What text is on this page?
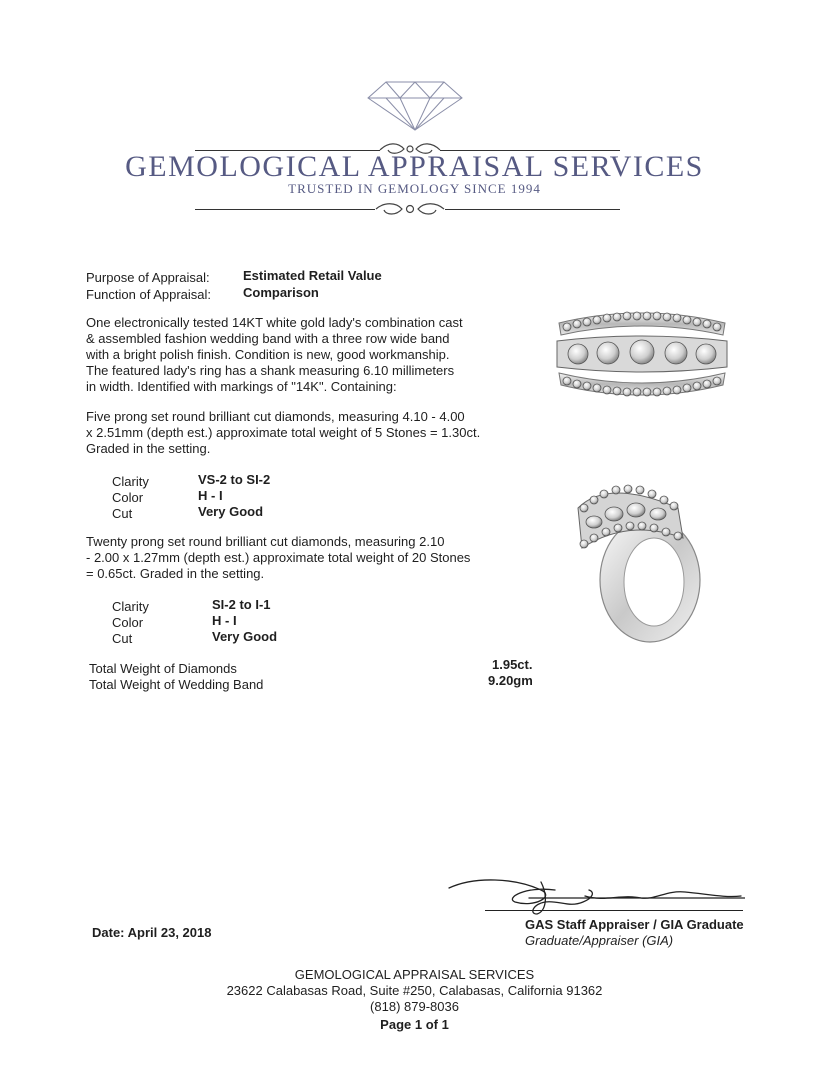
GEMOLOGICAL APPRAISAL SERVICES
TRUSTED IN GEMOLOGY SINCE 1994
Purpose of Appraisal:	Estimated Retail Value
Function of Appraisal: Comparison
One electronically tested 14KT white gold lady's combination cast
& assembled fashion wedding band with a three row wide band
with a bright polish finish. Condition is new, good workmanship.
The featured lady's ring has a shank measuring 6.10 millimeters
in width. Identified with markings of "14K". Containing:
Five prong set round brilliant cut diamonds, measuring 4.10 - 4.00
x 2.51mm (depth est.) approximate total weight of 5 Stones = 1.30ct.
Graded in the setting.
Clarity	VS-2 to SI-2
Color	H - I
Cut	Very Good
Twenty prong set round brilliant cut diamonds, measuring 2.10
- 2.00 x 1.27mm (depth est.) approximate total weight of 20 Stones
= 0.65ct. Graded in the setting.
Clarity	SI-2 to I-1
Color	H - I
Cut	Very Good
Total Weight of Diamonds	1.95ct.
Total Weight of Wedding Band	9.20gm
GAS Staff Appraiser / GIA Graduate
Graduate/Appraiser (GIA)
Date: April 23, 2018
GEMOLOGICAL APPRAISAL SERVICES
23622 Calabasas Road, Suite #250, Calabasas, California 91362
(818) 879-8036
Page 1 of 1
